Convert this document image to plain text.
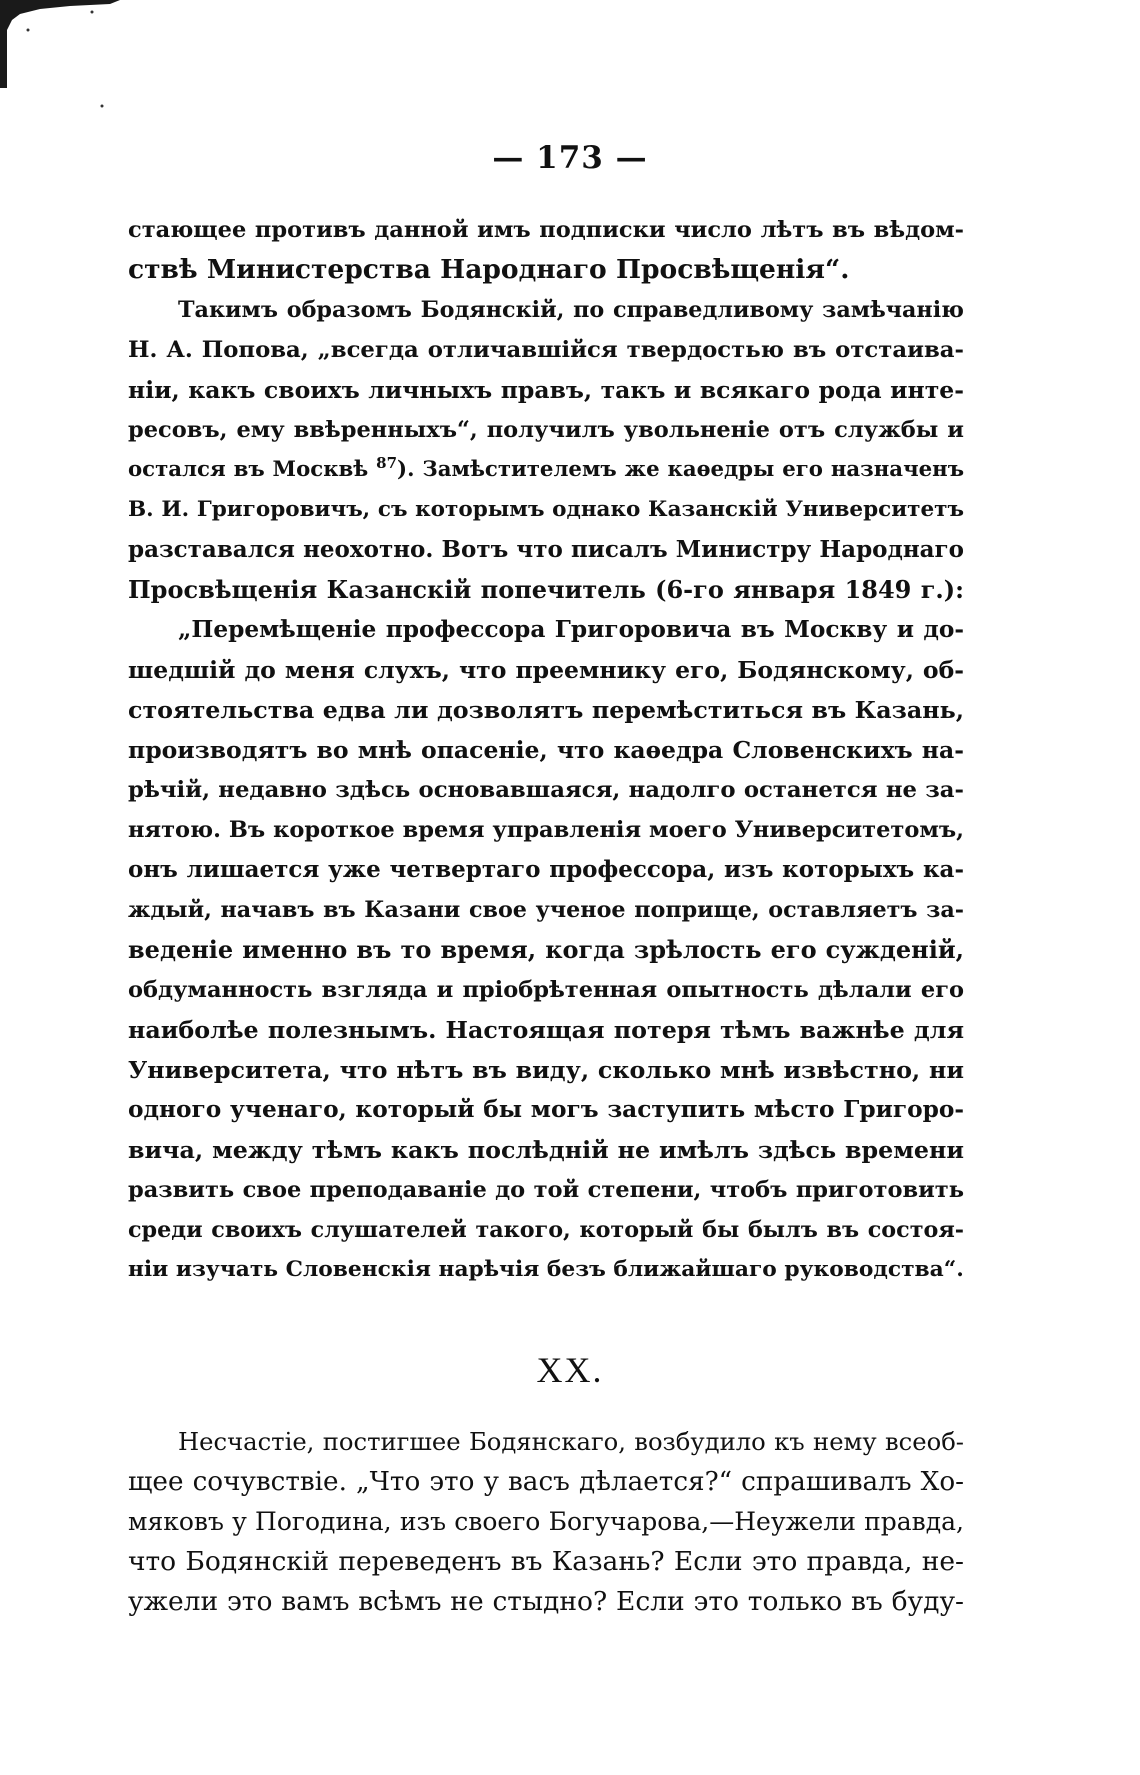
— 173 —
стающее противъ данной имъ подписки число лѣтъ въ вѣдом-
ствѣ Министерства Народнаго Просвѣщенія“.
Такимъ образомъ Бодянскій, по справедливому замѣчанію
Н. А. Попова, „всегда отличавшійся твердостью въ отстаива-
ніи, какъ своихъ личныхъ правъ, такъ и всякаго рода инте-
ресовъ, ему ввѣренныхъ“, получилъ увольненіе отъ службы и
остался въ Москвѣ $^{87}$). Замѣстителемъ же каѳедры его назначенъ
В. И. Григоровичъ, съ которымъ однако Казанскій Университетъ
разставался неохотно. Вотъ что писалъ Министру Народнаго
Просвѣщенія Казанскій попечитель (6-го января 1849 г.):
„Перемѣщеніе профессора Григоровича въ Москву и до-
шедшій до меня слухъ, что преемнику его, Бодянскому, об-
стоятельства едва ли дозволятъ перемѣститься въ Казань,
производятъ во мнѣ опасеніе, что каѳедра Словенскихъ на-
рѣчій, недавно здѣсь основавшаяся, надолго останется не за-
нятою. Въ короткое время управленія моего Университетомъ,
онъ лишается уже четвертаго профессора, изъ которыхъ ка-
ждый, начавъ въ Казани свое ученое поприще, оставляетъ за-
веденіе именно въ то время, когда зрѣлость его сужденій,
обдуманность взгляда и пріобрѣтенная опытность дѣлали его
наиболѣе полезнымъ. Настоящая потеря тѣмъ важнѣе для
Университета, что нѣтъ въ виду, сколько мнѣ извѣстно, ни
одного ученаго, который бы могъ заступить мѣсто Григоро-
вича, между тѣмъ какъ послѣдній не имѣлъ здѣсь времени
развить свое преподаваніе до той степени, чтобъ приготовить
среди своихъ слушателей такого, который бы былъ въ состоя-
ніи изучать Словенскія нарѣчія безъ ближайшаго руководства“.
XX.
Несчастіе, постигшее Бодянскаго, возбудило къ нему всеоб-
щее сочувствіе. „Что это у васъ дѣлается?“ спрашивалъ Хо-
мяковъ у Погодина, изъ своего Богучарова,—Неужели правда,
что Бодянскій переведенъ въ Казань? Если это правда, не-
ужели это вамъ всѣмъ не стыдно? Если это только въ буду-
